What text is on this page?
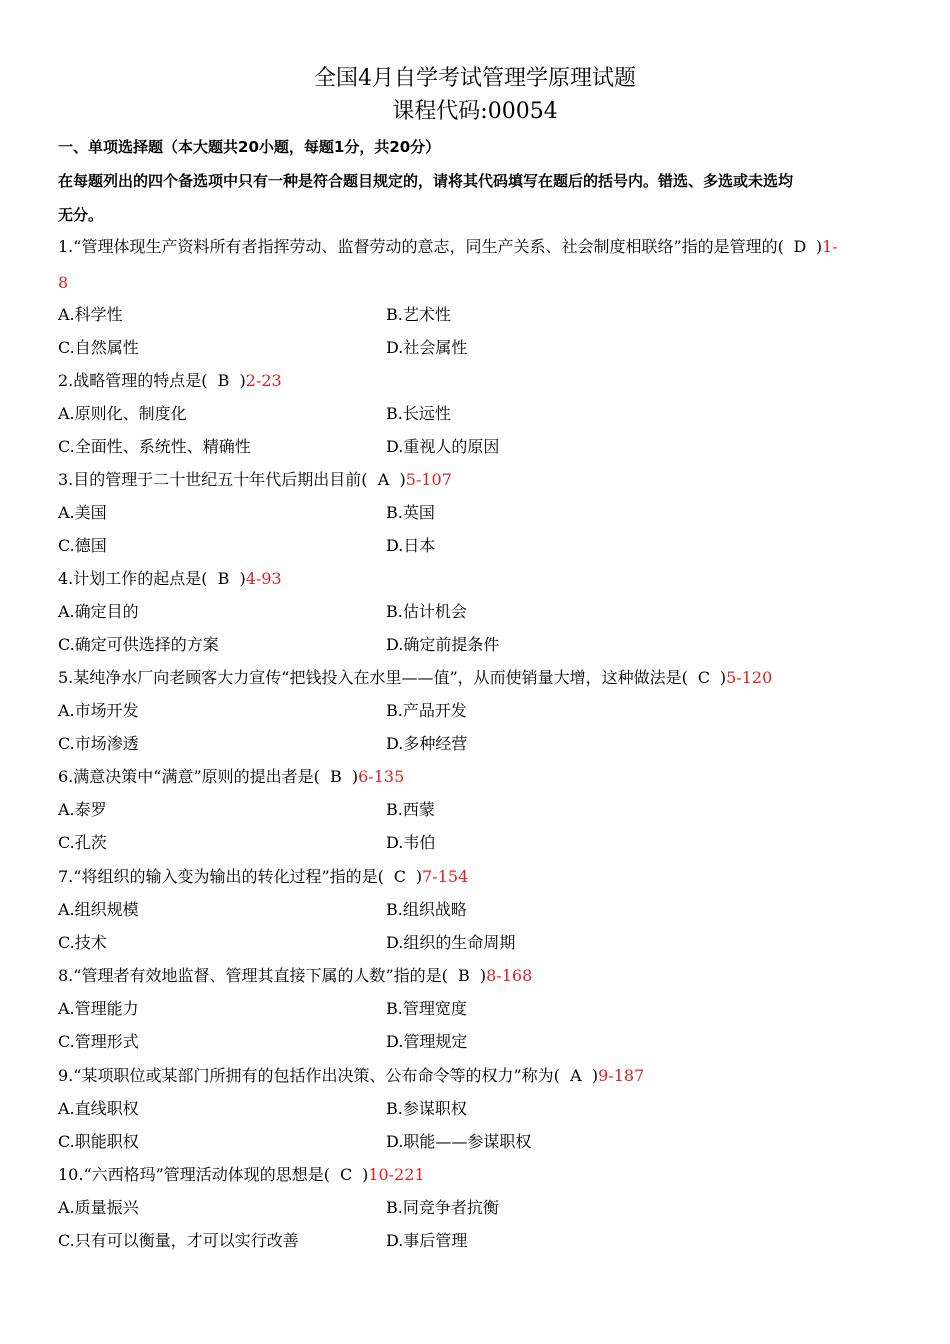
全国4月自学考试管理学原理试题
课程代码:00054
一、单项选择题（本大题共20小题，每题1分，共20分）
在每题列出的四个备选项中只有一种是符合题目规定的，请将其代码填写在题后的括号内。错选、多选或未选均
无分。
1.“管理体现生产资料所有者指挥劳动、监督劳动的意志，同生产关系、社会制度相联络”指的是管理的( D )1-
8
A.科学性	B.艺术性
C.自然属性	D.社会属性
2.战略管理的特点是( B )2-23
A.原则化、制度化	B.长远性
C.全面性、系统性、精确性	D.重视人的原因
3.目的管理于二十世纪五十年代后期出目前( A )5-107
A.美国	B.英国
C.德国	D.日本
4.计划工作的起点是( B )4-93
A.确定目的	B.估计机会
C.确定可供选择的方案	D.确定前提条件
5.某纯净水厂向老顾客大力宣传“把钱投入在水里——值”，从而使销量大增，这种做法是( C )5-120
A.市场开发	B.产品开发
C.市场渗透	D.多种经营
6.满意决策中“满意”原则的提出者是( B )6-135
A.泰罗	B.西蒙
C.孔茨	D.韦伯
7.“将组织的输入变为输出的转化过程”指的是( C )7-154
A.组织规模	B.组织战略
C.技术	D.组织的生命周期
8.“管理者有效地监督、管理其直接下属的人数”指的是( B )8-168
A.管理能力	B.管理宽度
C.管理形式	D.管理规定
9.“某项职位或某部门所拥有的包括作出决策、公布命令等的权力”称为( A )9-187
A.直线职权	B.参谋职权
C.职能职权	D.职能——参谋职权
10.“六西格玛”管理活动体现的思想是( C )10-221
A.质量振兴	B.同竞争者抗衡
C.只有可以衡量，才可以实行改善	D.事后管理
